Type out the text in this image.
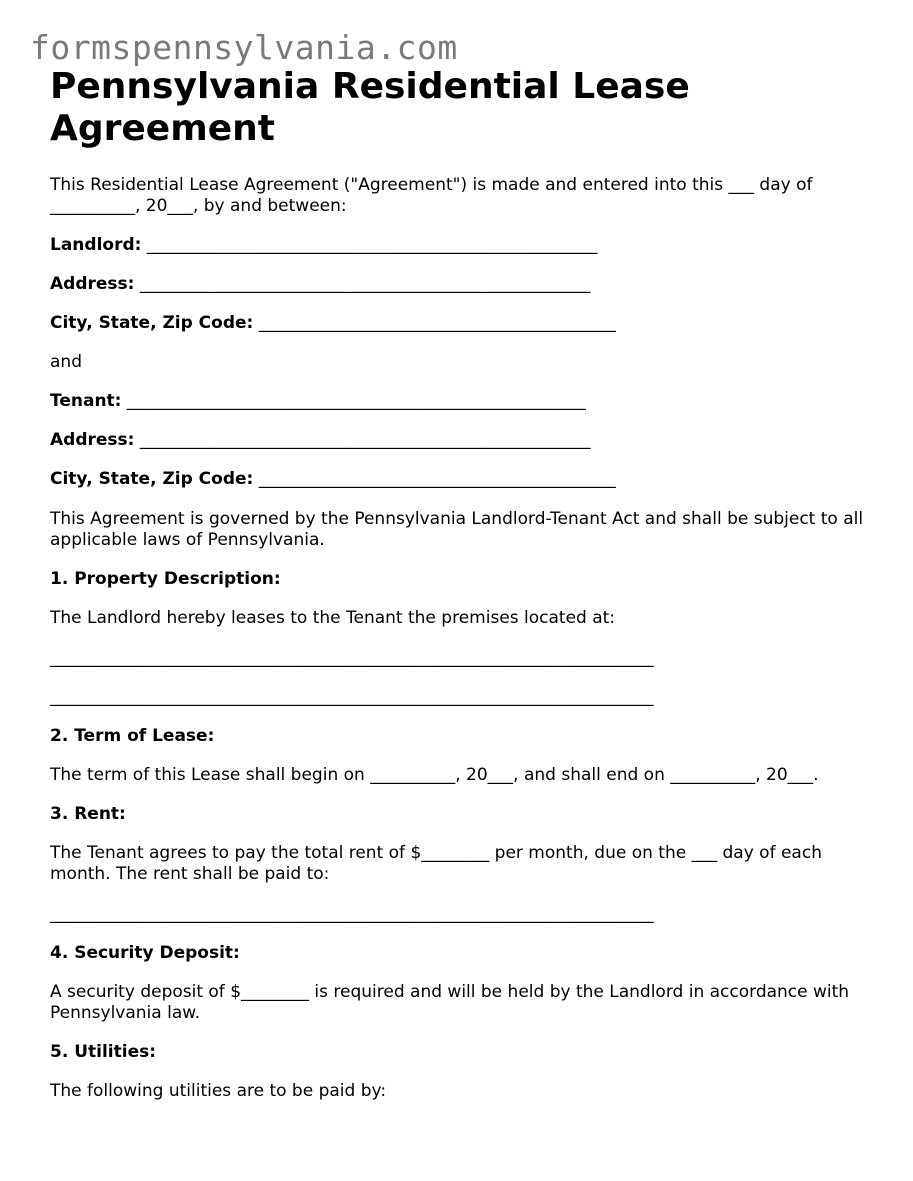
formspennsylvania.com
Pennsylvania Residential Lease Agreement

This Residential Lease Agreement ("Agreement") is made and entered into this ___ day of __________, 20___, by and between:

Landlord: _____________________________________________________

Address: _____________________________________________________

City, State, Zip Code: __________________________________________

and

Tenant: ______________________________________________________

Address: _____________________________________________________

City, State, Zip Code: __________________________________________

This Agreement is governed by the Pennsylvania Landlord-Tenant Act and shall be subject to all applicable laws of Pennsylvania.

1. Property Description:

The Landlord hereby leases to the Tenant the premises located at:

_______________________________________________________________________

_______________________________________________________________________

2. Term of Lease:

The term of this Lease shall begin on __________, 20___, and shall end on __________, 20___.

3. Rent:

The Tenant agrees to pay the total rent of $________ per month, due on the ___ day of each month. The rent shall be paid to:

_______________________________________________________________________

4. Security Deposit:

A security deposit of $________ is required and will be held by the Landlord in accordance with Pennsylvania law.

5. Utilities:

The following utilities are to be paid by:
